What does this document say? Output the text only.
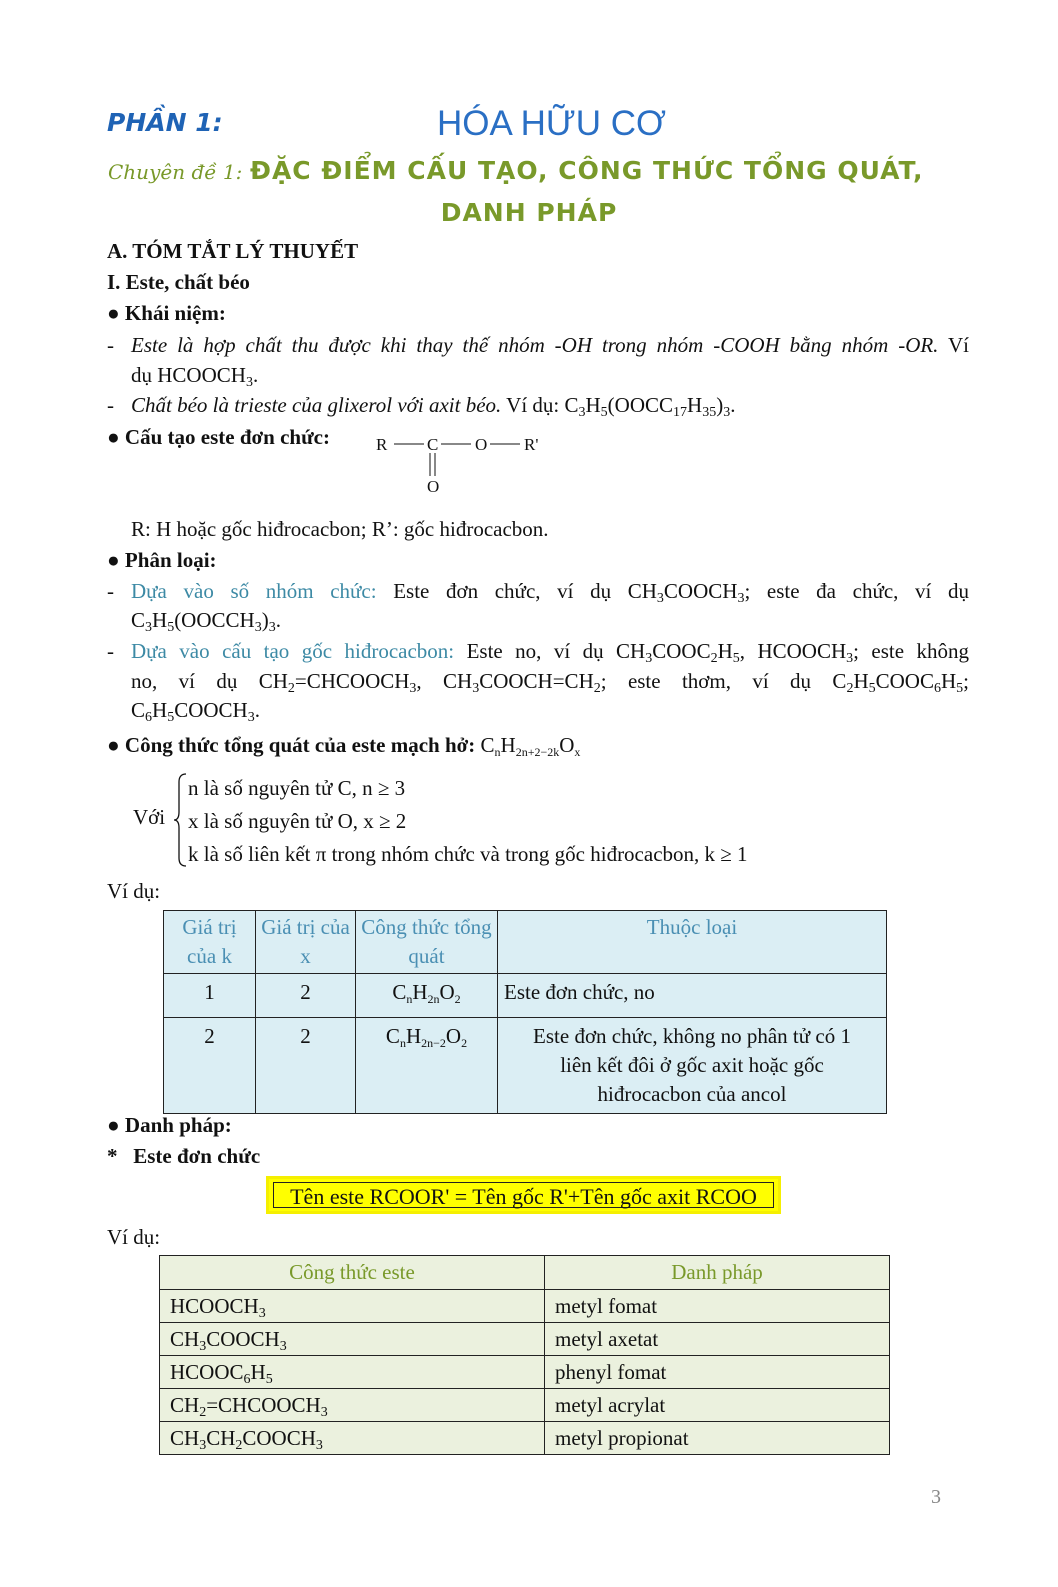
PHẦN 1:	HÓA HỮU CƠ
Chuyên đề 1: ĐẶC ĐIỂM CẤU TẠO, CÔNG THỨC TỔNG QUÁT,
DANH PHÁP
A. TÓM TẮT LÝ THUYẾT
I. Este, chất béo
● Khái niệm:
- Este là hợp chất thu được khi thay thế nhóm -OH trong nhóm -COOH bằng nhóm -OR. Ví
dụ $HCOOCH_3$.
- Chất béo là trieste của glixerol với axit béo. Ví dụ: $C_3H_5(OOCC_{17}H_{35})_3$.
● Cấu tạo este đơn chức:	R C O R'
O
R: H hoặc gốc hiđrocacbon; R’: gốc hiđrocacbon.
● Phân loại:
- Dựa vào số nhóm chức: Este đơn chức, ví dụ $CH_3COOCH_3$; este đa chức, ví dụ
$C_3H_5(OOCCH_3)_3$.
- Dựa vào cấu tạo gốc hiđrocacbon: Este no, ví dụ $CH_3COOC_2H_5$, $HCOOCH_3$; este không
no, ví dụ $CH_2=CHCOOCH_3$, $CH_3COOCH=CH_2$; este thơm, ví dụ $C_2H_5COOC_6H_5$;
$C_6H_5COOCH_3$.
● Công thức tổng quát của este mạch hở: $C_nH_{2n+2-2k}O_x$
Với
n là số nguyên tử C, n ≥ 3
x là số nguyên tử O, x ≥ 2
k là số liên kết π trong nhóm chức và trong gốc hiđrocacbon, k ≥ 1
Ví dụ:
Giá trị của k	Giá trị của x	Công thức tổng quát	Thuộc loại
1	2	$C_nH_{2n}O_2$	Este đơn chức, no
2	2	$C_nH_{2n-2}O_2$	Este đơn chức, không no phân tử có 1 liên kết đôi ở gốc axit hoặc gốc hiđrocacbon của ancol
● Danh pháp:
*   Este đơn chức
Tên este RCOOR' = Tên gốc R'+Tên gốc axit RCOO
Ví dụ:
Công thức este	Danh pháp
$HCOOCH_3$	metyl fomat
$CH_3COOCH_3$	metyl axetat
$HCOOC_6H_5$	phenyl fomat
$CH_2=CHCOOCH_3$	metyl acrylat
$CH_3CH_2COOCH_3$	metyl propionat
3
